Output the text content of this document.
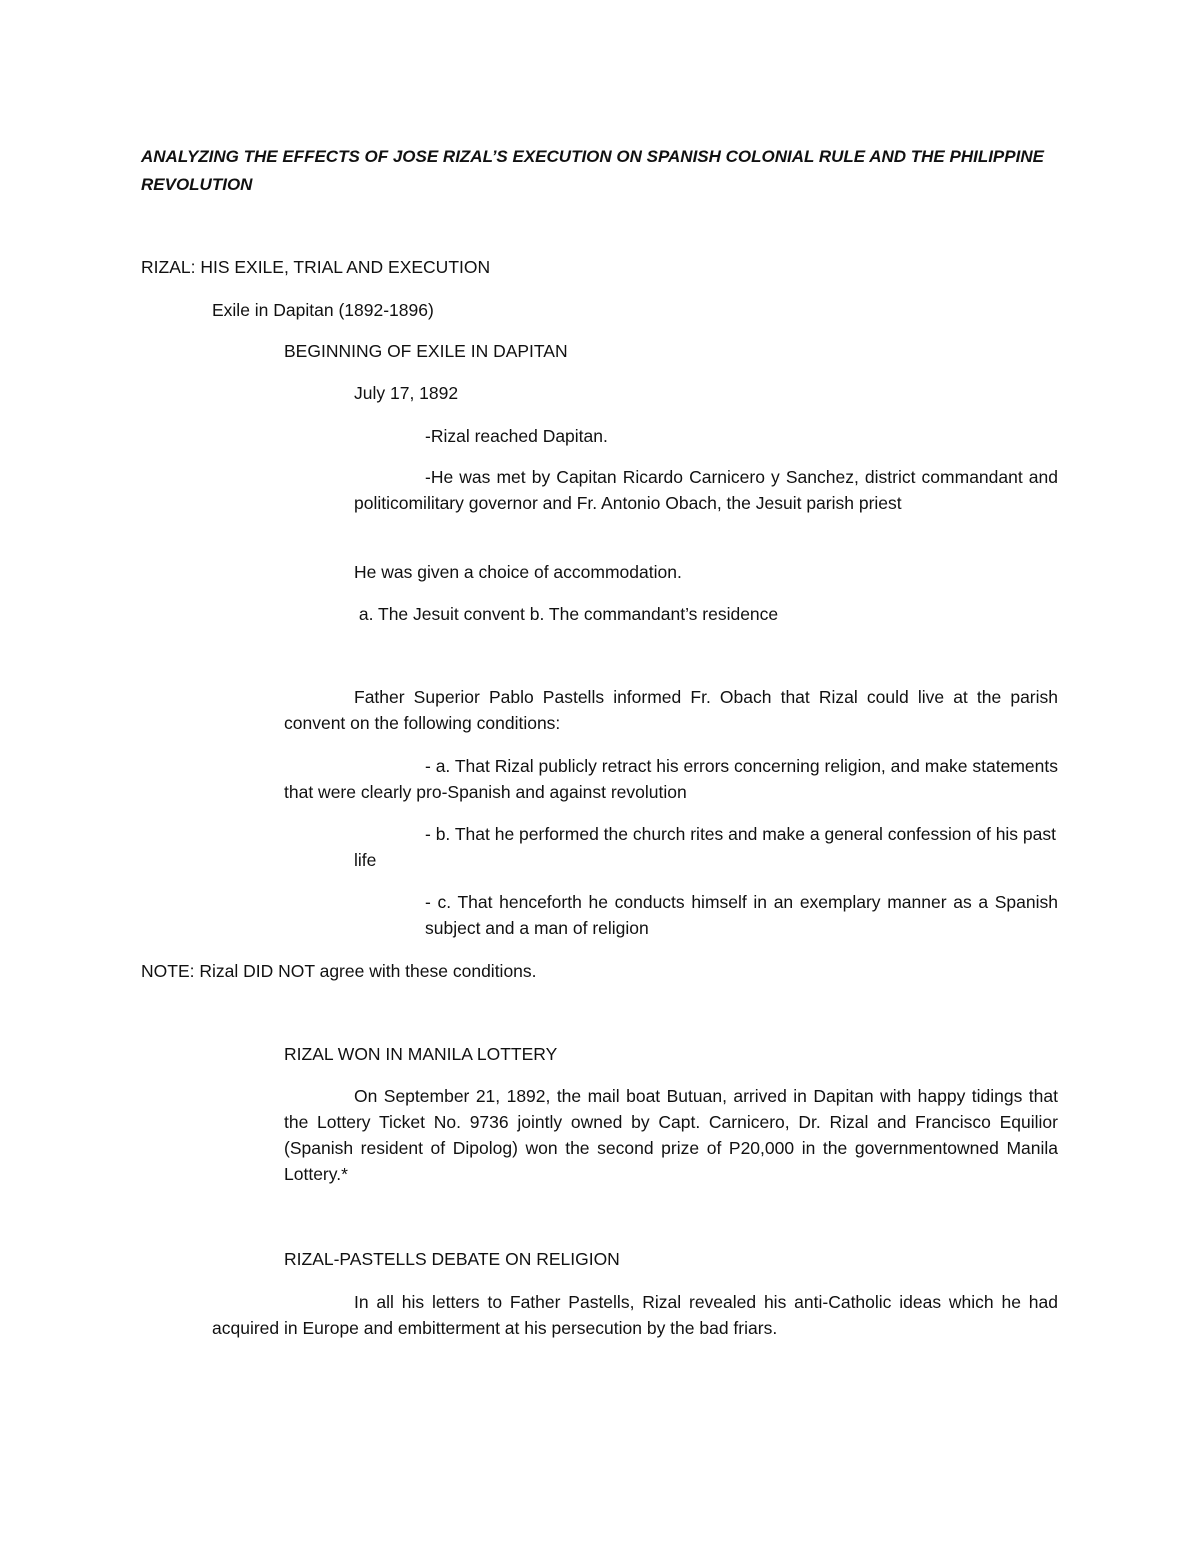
ANALYZING THE EFFECTS OF JOSE RIZAL’S EXECUTION ON SPANISH COLONIAL RULE AND THE PHILIPPINE REVOLUTION

RIZAL: HIS EXILE, TRIAL AND EXECUTION

Exile in Dapitan (1892-1896)

BEGINNING OF EXILE IN DAPITAN

July 17, 1892

-Rizal reached Dapitan.

-He was met by Capitan Ricardo Carnicero y Sanchez, district commandant and politicomilitary governor and Fr. Antonio Obach, the Jesuit parish priest

He was given a choice of accommodation.

a. The Jesuit convent b. The commandant’s residence

Father Superior Pablo Pastells informed Fr. Obach that Rizal could live at the parish convent on the following conditions:
- a. That Rizal publicly retract his errors concerning religion, and make statements that were clearly pro-Spanish and against revolution
- b. That he performed the church rites and make a general confession of his past life
- c. That henceforth he conducts himself in an exemplary manner as a Spanish subject and a man of religion

NOTE: Rizal DID NOT agree with these conditions.

RIZAL WON IN MANILA LOTTERY

On September 21, 1892, the mail boat Butuan, arrived in Dapitan with happy tidings that the Lottery Ticket No. 9736 jointly owned by Capt. Carnicero, Dr. Rizal and Francisco Equilior (Spanish resident of Dipolog) won the second prize of P20,000 in the governmentowned Manila Lottery.*

RIZAL-PASTELLS DEBATE ON RELIGION

In all his letters to Father Pastells, Rizal revealed his anti-Catholic ideas which he had acquired in Europe and embitterment at his persecution by the bad friars.
